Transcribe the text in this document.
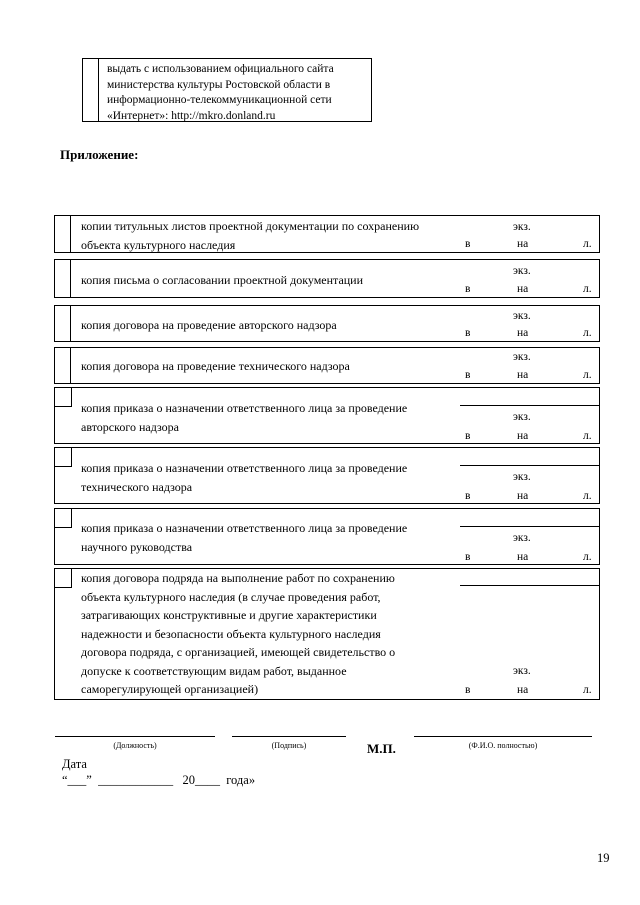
выдать с использованием официального сайта
министерства культуры Ростовской области в
информационно-телекоммуникационной сети
«Интернет»: http://mkro.donland.ru
Приложение:
копии титульных листов проектной документации по сохранению
объекта культурного наследия
экз.
в	на	л.
копия письма о согласовании проектной документации
экз.
в	на	л.
копия договора на проведение авторского надзора
экз.
в	на	л.
копия договора на проведение технического надзора
экз.
в	на	л.
копия приказа о назначении ответственного лица за проведение
авторского надзора
экз.
в	на	л.
копия приказа о назначении ответственного лица за проведение
технического надзора
экз.
в	на	л.
копия приказа о назначении ответственного лица за проведение
научного руководства
экз.
в	на	л.
копия договора подряда на выполнение работ по сохранению
объекта культурного наследия (в случае проведения работ,
затрагивающих конструктивные и другие характеристики
надежности и безопасности объекта культурного наследия
договора подряда, с организацией, имеющей свидетельство о
допуске к соответствующим видам работ, выданное
саморегулирующей организацией)
экз.
в	на	л.
(Должность)	(Подпись)	М.П.	(Ф.И.О. полностью)
Дата
“___”  ____________   20____  года»
19
